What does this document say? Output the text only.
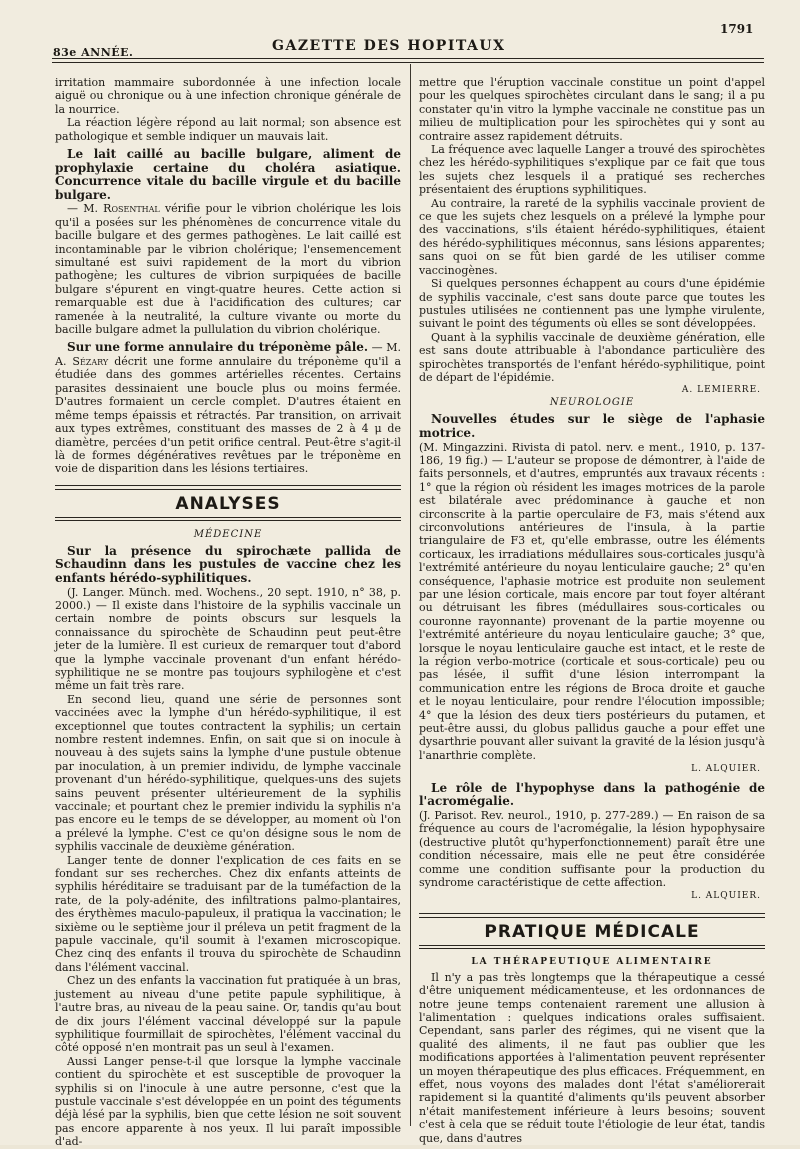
83e ANNÉE.	GAZETTE DES HOPITAUX
1791

irritation mammaire subordonnée à une infection locale aiguë ou chronique ou à une infection chronique générale de la nourrice.

La réaction légère répond au lait normal; son absence est pathologique et semble indiquer un mauvais lait.

Le lait caillé au bacille bulgare, aliment de prophylaxie certaine du choléra asiatique. Concurrence vitale du bacille virgule et du bacille bulgare.

— M. Rosenthal vérifie pour le vibrion cholérique les lois qu'il a posées sur les phénomènes de concurrence vitale du bacille bulgare et des germes pathogènes. Le lait caillé est incontaminable par le vibrion cholérique; l'ensemencement simultané est suivi rapidement de la mort du vibrion pathogène; les cultures de vibrion surpiquées de bacille bulgare s'épurent en vingt-quatre heures. Cette action si remarquable est due à l'acidification des cultures; car ramenée à la neutralité, la culture vivante ou morte du bacille bulgare admet la pullulation du vibrion cholérique.

Sur une forme annulaire du tréponème pâle. — M. A. Sézary décrit une forme annulaire du tréponème qu'il a étudiée dans des gommes artérielles récentes. Certains parasites dessinaient une boucle plus ou moins fermée. D'autres formaient un cercle complet. D'autres étaient en même temps épaissis et rétractés. Par transition, on arrivait aux types extrêmes, constituant des masses de 2 à 4 μ de diamètre, percées d'un petit orifice central. Peut-être s'agit-il là de formes dégénératives revêtues par le tréponème en voie de disparition dans les lésions tertiaires.

ANALYSES
MÉDECINE
Sur la présence du spirochæte pallida de Schaudinn dans les pustules de vaccine chez les enfants hérédo-syphilitiques.

(J. Langer. Münch. med. Wochens., 20 sept. 1910, n° 38, p. 2000.) — Il existe dans l'histoire de la syphilis vaccinale un certain nombre de points obscurs sur lesquels la connaissance du spirochète de Schaudinn peut peut-être jeter de la lumière. Il est curieux de remarquer tout d'abord que la lymphe vaccinale provenant d'un enfant hérédo-syphilitique ne se montre pas toujours syphilogène et c'est même un fait très rare.

En second lieu, quand une série de personnes sont vaccinées avec la lymphe d'un hérédo-syphilitique, il est exceptionnel que toutes contractent la syphilis; un certain nombre restent indemnes. Enfin, on sait que si on inocule à nouveau à des sujets sains la lymphe d'une pustule obtenue par inoculation, à un premier individu, de lymphe vaccinale provenant d'un hérédo-syphilitique, quelques-uns des sujets sains peuvent présenter ultérieurement de la syphilis vaccinale; et pourtant chez le premier individu la syphilis n'a pas encore eu le temps de se développer, au moment où l'on a prélevé la lymphe. C'est ce qu'on désigne sous le nom de syphilis vaccinale de deuxième génération.

Langer tente de donner l'explication de ces faits en se fondant sur ses recherches. Chez dix enfants atteints de syphilis héréditaire se traduisant par de la tuméfaction de la rate, de la poly-adénite, des infiltrations palmo-plantaires, des érythèmes maculo-papuleux, il pratiqua la vaccination; le sixième ou le septième jour il préleva un petit fragment de la papule vaccinale, qu'il soumit à l'examen microscopique. Chez cinq des enfants il trouva du spirochète de Schaudinn dans l'élément vaccinal.

Chez un des enfants la vaccination fut pratiquée à un bras, justement au niveau d'une petite papule syphilitique, à l'autre bras, au niveau de la peau saine. Or, tandis qu'au bout de dix jours l'élément vaccinal développé sur la papule syphilitique fourmillait de spirochètes, l'élément vaccinal du côté opposé n'en montrait pas un seul à l'examen.

Aussi Langer pense-t-il que lorsque la lymphe vaccinale contient du spirochète et est susceptible de provoquer la syphilis si on l'inocule à une autre personne, c'est que la pustule vaccinale s'est développée en un point des téguments déjà lésé par la syphilis, bien que cette lésion ne soit souvent pas encore apparente à nos yeux. Il lui paraît impossible d'ad-

mettre que l'éruption vaccinale constitue un point d'appel pour les quelques spirochètes circulant dans le sang; il a pu constater qu'in vitro la lymphe vaccinale ne constitue pas un milieu de multiplication pour les spirochètes qui y sont au contraire assez rapidement détruits.

La fréquence avec laquelle Langer a trouvé des spirochètes chez les hérédo-syphilitiques s'explique par ce fait que tous les sujets chez lesquels il a pratiqué ses recherches présentaient des éruptions syphilitiques.

Au contraire, la rareté de la syphilis vaccinale provient de ce que les sujets chez lesquels on a prélevé la lymphe pour des vaccinations, s'ils étaient hérédo-syphilitiques, étaient des hérédo-syphilitiques méconnus, sans lésions apparentes; sans quoi on se fût bien gardé de les utiliser comme vaccinogènes.

Si quelques personnes échappent au cours d'une épidémie de syphilis vaccinale, c'est sans doute parce que toutes les pustules utilisées ne contiennent pas une lymphe virulente, suivant le point des téguments où elles se sont développées.

Quant à la syphilis vaccinale de deuxième génération, elle est sans doute attribuable à l'abondance particulière des spirochètes transportés de l'enfant hérédo-syphilitique, point de départ de l'épidémie.

A. LEMIERRE.
NEUROLOGIE
Nouvelles études sur le siège de l'aphasie motrice.

(M. Mingazzini. Rivista di patol. nerv. e ment., 1910, p. 137-186, 19 fig.) — L'auteur se propose de démontrer, à l'aide de faits personnels, et d'autres, empruntés aux travaux récents : 1° que la région où résident les images motrices de la parole est bilatérale avec prédominance à gauche et non circonscrite à la partie operculaire de F3, mais s'étend aux circonvolutions antérieures de l'insula, à la partie triangulaire de F3 et, qu'elle embrasse, outre les éléments corticaux, les irradiations médullaires sous-corticales jusqu'à l'extrémité antérieure du noyau lenticulaire gauche; 2° qu'en conséquence, l'aphasie motrice est produite non seulement par une lésion corticale, mais encore par tout foyer altérant ou détruisant les fibres (médullaires sous-corticales ou couronne rayonnante) provenant de la partie moyenne ou l'extrémité antérieure du noyau lenticulaire gauche; 3° que, lorsque le noyau lenticulaire gauche est intact, et le reste de la région verbo-motrice (corticale et sous-corticale) peu ou pas lésée, il suffit d'une lésion interrompant la communication entre les régions de Broca droite et gauche et le noyau lenticulaire, pour rendre l'élocution impossible; 4° que la lésion des deux tiers postérieurs du putamen, et peut-être aussi, du globus pallidus gauche a pour effet une dysarthrie pouvant aller suivant la gravité de la lésion jusqu'à l'anarthrie complète.

L. ALQUIER.
Le rôle de l'hypophyse dans la pathogénie de l'acromégalie.

(J. Parisot. Rev. neurol., 1910, p. 277-289.) — En raison de sa fréquence au cours de l'acromégalie, la lésion hypophysaire (destructive plutôt qu'hyperfonctionnement) paraît être une condition nécessaire, mais elle ne peut être considérée comme une condition suffisante pour la production du syndrome caractéristique de cette affection.

L. ALQUIER.
PRATIQUE MÉDICALE
LA THÉRAPEUTIQUE ALIMENTAIRE

Il n'y a pas très longtemps que la thérapeutique a cessé d'être uniquement médicamenteuse, et les ordonnances de notre jeune temps contenaient rarement une allusion à l'alimentation : quelques indications orales suffisaient. Cependant, sans parler des régimes, qui ne visent que la qualité des aliments, il ne faut pas oublier que les modifications apportées à l'alimentation peuvent représenter un moyen thérapeutique des plus efficaces. Fréquemment, en effet, nous voyons des malades dont l'état s'améliorerait rapidement si la quantité d'aliments qu'ils peuvent absorber n'était manifestement inférieure à leurs besoins; souvent c'est à cela que se réduit toute l'étiologie de leur état, tandis que, dans d'autres
